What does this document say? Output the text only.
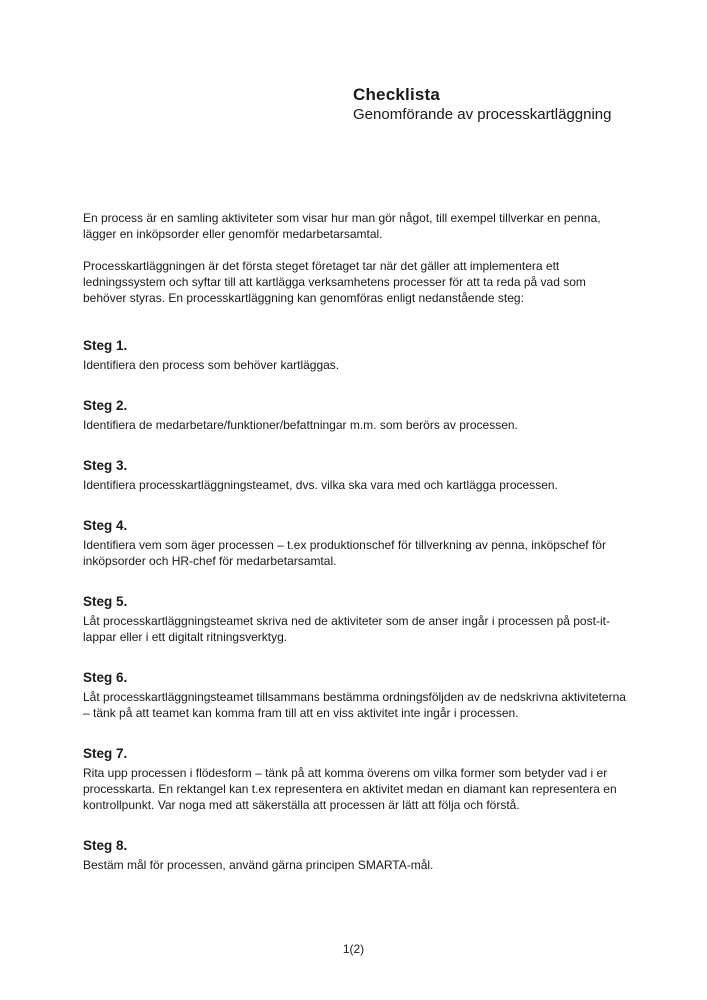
Checklista
Genomförande av processkartläggning
En process är en samling aktiviteter som visar hur man gör något, till exempel tillverkar en penna, lägger en inköpsorder eller genomför medarbetarsamtal.
Processkartläggningen är det första steget företaget tar när det gäller att implementera ett ledningssystem och syftar till att kartlägga verksamhetens processer för att ta reda på vad som behöver styras. En processkartläggning kan genomföras enligt nedanstående steg:
Steg 1.
Identifiera den process som behöver kartläggas.
Steg 2.
Identifiera de medarbetare/funktioner/befattningar m.m. som berörs av processen.
Steg 3.
Identifiera processkartläggningsteamet, dvs. vilka ska vara med och kartlägga processen.
Steg 4.
Identifiera vem som äger processen – t.ex produktionschef för tillverkning av penna, inköpschef för inköpsorder och HR-chef för medarbetarsamtal.
Steg 5.
Låt processkartläggningsteamet skriva ned de aktiviteter som de anser ingår i processen på post-it-lappar eller i ett digitalt ritningsverktyg.
Steg 6.
Låt processkartläggningsteamet tillsammans bestämma ordningsföljden av de nedskrivna aktiviteterna – tänk på att teamet kan komma fram till att en viss aktivitet inte ingår i processen.
Steg 7.
Rita upp processen i flödesform – tänk på att komma överens om vilka former som betyder vad i er processkarta. En rektangel kan t.ex representera en aktivitet medan en diamant kan representera en kontrollpunkt. Var noga med att säkerställa att processen är lätt att följa och förstå.
Steg 8.
Bestäm mål för processen, använd gärna principen SMARTA-mål.
1(2)
